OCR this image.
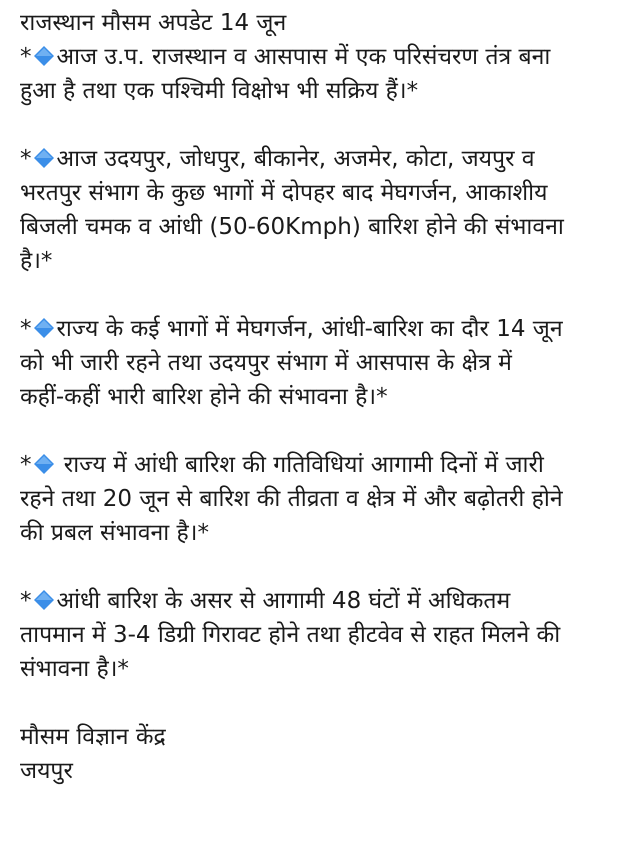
राजस्थान मौसम अपडेट 14 जून
* आज उ.प. राजस्थान व आसपास में एक परिसंचरण तंत्र बना
हुआ है तथा एक पश्चिमी विक्षोभ भी सक्रिय हैं।*
* आज उदयपुर, जोधपुर, बीकानेर, अजमेर, कोटा, जयपुर व
भरतपुर संभाग के कुछ भागों में दोपहर बाद मेघगर्जन, आकाशीय
बिजली चमक व आंधी (50-60Kmph) बारिश होने की संभावना
है।*
* राज्य के कई भागों में मेघगर्जन, आंधी-बारिश का दौर 14 जून
को भी जारी रहने तथा उदयपुर संभाग में आसपास के क्षेत्र में
कहीं-कहीं भारी बारिश होने की संभावना है।*
*
राज्य में आंधी बारिश की गतिविधियां आगामी दिनों में जारी
रहने तथा 20 जून से बारिश की तीव्रता व क्षेत्र में और बढ़ोतरी होने
की प्रबल संभावना है।*
* आंधी बारिश के असर से आगामी 48 घंटों में अधिकतम
तापमान में 3-4 डिग्री गिरावट होने तथा हीटवेव से राहत मिलने की
संभावना है।*
मौसम विज्ञान केंद्र
जयपुर
